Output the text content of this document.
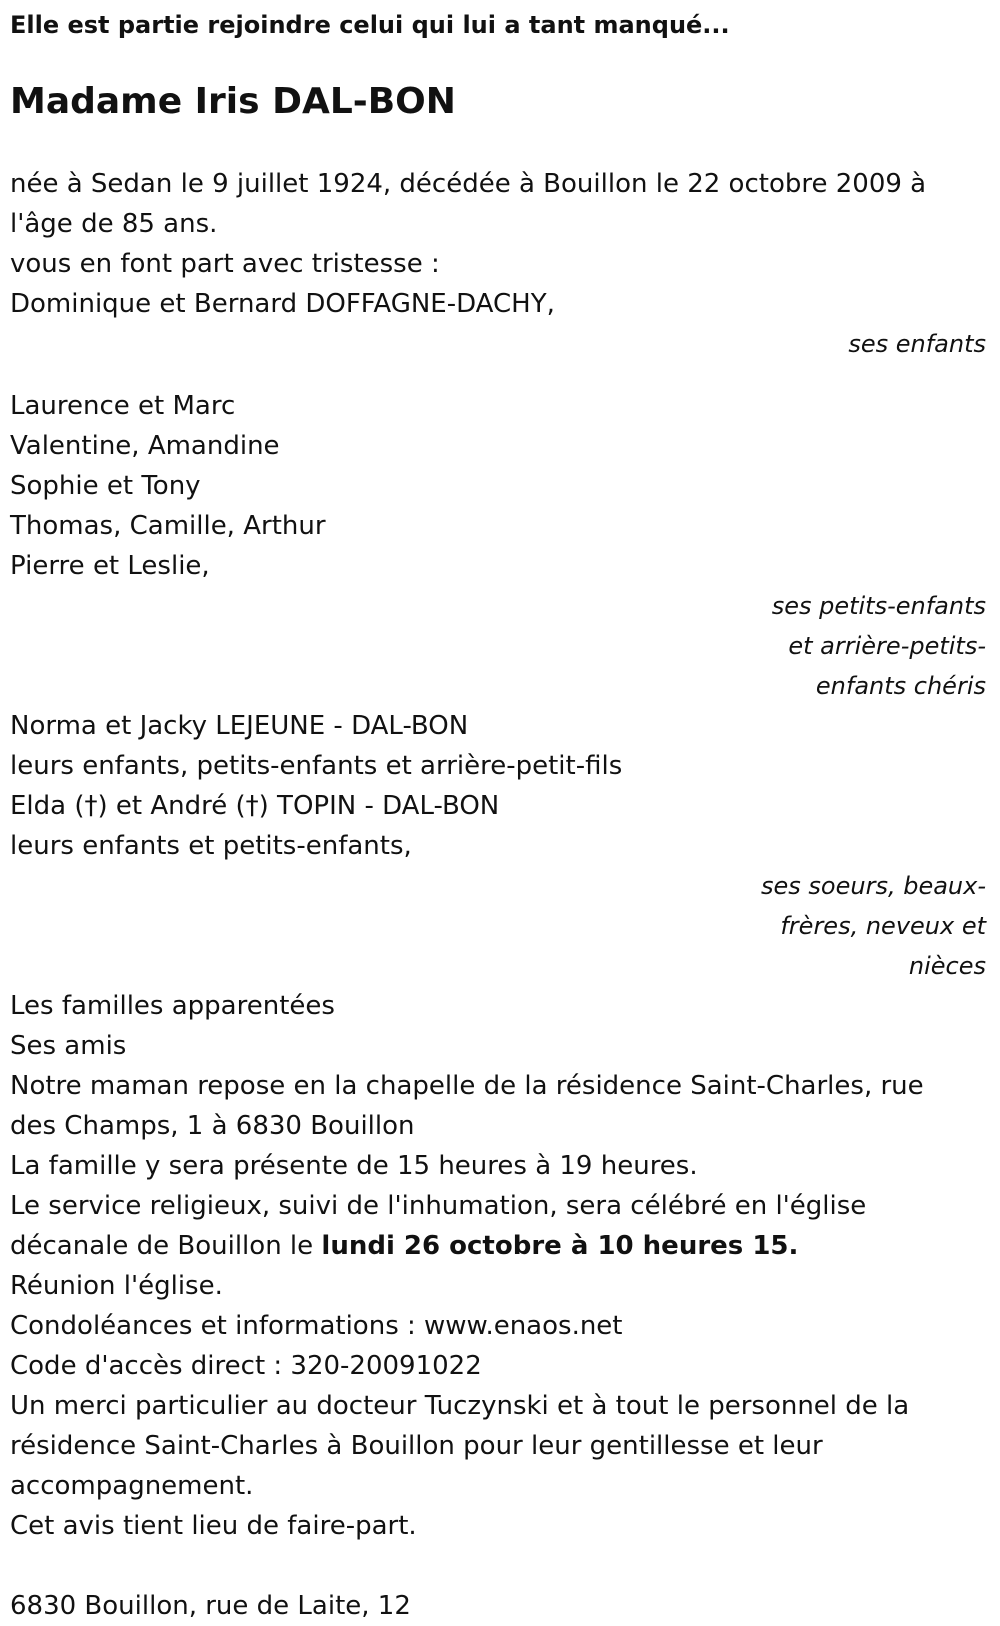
Elle est partie rejoindre celui qui lui a tant manqué...

Madame Iris DAL-BON

née à Sedan le 9 juillet 1924, décédée à Bouillon le 22 octobre 2009 à

l'âge de 85 ans.

vous en font part avec tristesse :

Dominique et Bernard DOFFAGNE-DACHY,

ses enfants

Laurence et Marc

Valentine, Amandine

Sophie et Tony

Thomas, Camille, Arthur

Pierre et Leslie,

ses petits-enfants
et arrière-petits-
enfants chéris

Norma et Jacky LEJEUNE - DAL-BON

leurs enfants, petits-enfants et arrière-petit-fils

Elda (†) et André (†) TOPIN - DAL-BON

leurs enfants et petits-enfants,

ses soeurs, beaux-
frères, neveux et
nièces

Les familles apparentées

Ses amis

Notre maman repose en la chapelle de la résidence Saint-Charles, rue

des Champs, 1 à 6830 Bouillon

La famille y sera présente de 15 heures à 19 heures.

Le service religieux, suivi de l'inhumation, sera célébré en l'église

décanale de Bouillon le lundi 26 octobre à 10 heures 15.

Réunion l'église.

Condoléances et informations : www.enaos.net

Code d'accès direct : 320-20091022

Un merci particulier au docteur Tuczynski et à tout le personnel de la

résidence Saint-Charles à Bouillon pour leur gentillesse et leur

accompagnement.

Cet avis tient lieu de faire-part.

6830 Bouillon, rue de Laite, 12
